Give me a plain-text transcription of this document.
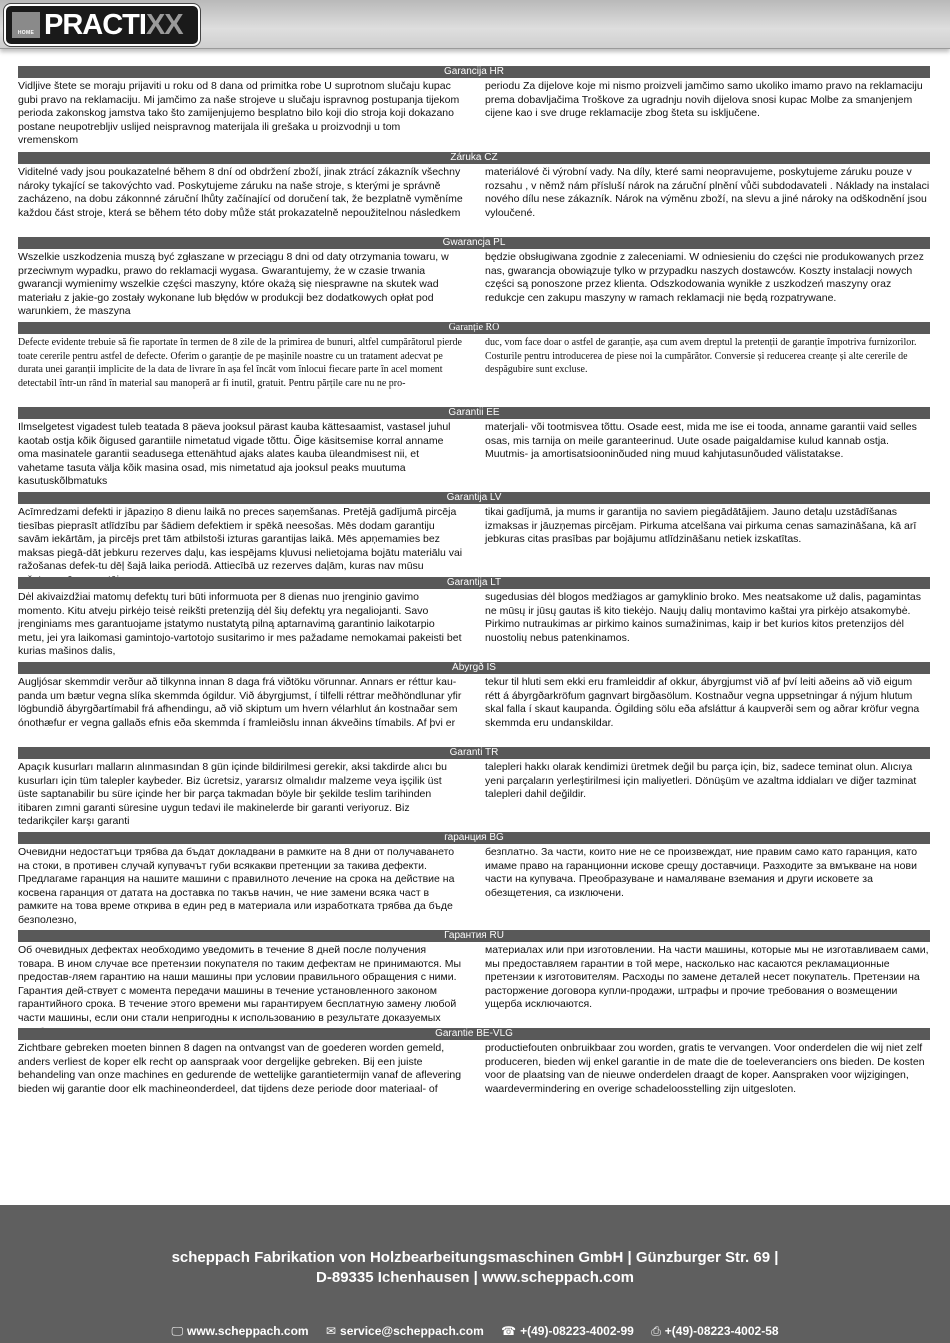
HOME PRACTIXX
Garancija HR
Vidljive štete se moraju prijaviti u roku od 8 dana od primitka robe U suprotnom slučaju kupac gubi pravo na reklamaciju. Mi jamčimo za naše strojeve u slučaju ispravnog postupanja tijekom perioda zakonskog jamstva tako što zamijenjujemo besplatno bilo koji dio stroja koji dokazano postane neupotrebljiv uslijed neispravnog materijala ili grešaka u proizvodnji u tom vremenskom
periodu Za dijelove koje mi nismo proizveli jamčimo samo ukoliko imamo pravo na reklamaciju prema dobavljačima Troškove za ugradnju novih dijelova snosi kupac Molbe za smanjenjem cijene kao i sve druge reklamacije zbog šteta su isključene.
Záruka CZ
Viditelné vady jsou poukazatelné během 8 dní od obdržení zboží, jinak ztrácí zákazník všechny nároky tykající se takovýchto vad. Poskytujeme záruku na naše stroje, s kterými je správně zacházeno, na dobu zákonnné záruční lhůty začínající od doručení tak, že bezplatně vyměníme každou část stroje, která se během této doby může stát prokazatelně nepoužitelnou následkem
materiálové či výrobní vady. Na díly, které sami neopravujeme, poskytujeme záruku pouze v rozsahu , v němž nám přísluší nárok na záruční plnění vůči subdodavateli . Náklady na instalaci nového dílu nese zákazník. Nárok na výměnu zboží, na slevu a jiné nároky na odškodnění jsou vyloučené.
Gwarancja PL
Wszelkie uszkodzenia muszą być zgłaszane w przeciągu 8 dni od daty otrzymania towaru, w przeciwnym wypadku, prawo do reklamacji wygasa. Gwarantujemy, że w czasie trwania gwarancji wymienimy wszelkie części maszyny, które okażą się niesprawne na skutek wad materiału z jakie-go zostały wykonane lub błędów w produkcji bez dodatkowych opłat pod warunkiem, że maszyna
będzie obsługiwana zgodnie z zaleceniami. W odniesieniu do części nie produkowanych przez nas, gwarancja obowiązuje tylko w przypadku naszych dostawców. Koszty instalacji nowych części są ponoszone przez klienta. Odszkodowania wynikłe z uszkodzeń maszyny oraz redukcje cen zakupu maszyny w ramach reklamacji nie będą rozpatrywane.
Garanție RO
Defecte evidente trebuie să fie raportate în termen de 8 zile de la primirea de bunuri, altfel cumpărătorul pierde toate cererile pentru astfel de defecte. Oferim o garanție de pe mașinile noastre cu un tratament adecvat pe durata unei garanții implicite de la data de livrare în așa fel încât vom înlocui fiecare parte în acel moment detectabil într-un rând în material sau manoperă ar fi inutil, gratuit. Pentru părțile care nu ne pro-
duc, vom face doar o astfel de garanție, așa cum avem dreptul la pretenții de garanție împotriva furnizorilor. Costurile pentru introducerea de piese noi la cumpărător. Conversie și reducerea creanțe și alte cererile de despăgubire sunt excluse.
Garantii EE
Ilmselgetest vigadest tuleb teatada 8 päeva jooksul pärast kauba kättesaamist, vastasel juhul kaotab ostja kõik õigused garantiile nimetatud vigade tõttu. Õige käsitsemise korral anname oma masinatele garantii seadusega ettenähtud ajaks alates kauba üleandmisest nii, et vahetame tasuta välja kõik masina osad, mis nimetatud aja jooksul peaks muutuma kasutuskõlbmatuks
materjali- või tootmisvea tõttu. Osade eest, mida me ise ei tooda, anname garantii vaid selles osas, mis tarnija on meile garanteerinud. Uute osade paigaldamise kulud kannab ostja. Muutmis- ja amortisatsiooninõuded ning muud kahjutasunõuded välistatakse.
Garantija LV
Acīmredzami defekti ir jāpaziņo 8 dienu laikā no preces saņemšanas. Pretējā gadījumā pircēja tiesības pieprasīt atlīdzību par šādiem defektiem ir spēkā neesošas. Mēs dodam garantiju savām iekārtām, ja pircējs pret tām atbilstoši izturas garantijas laikā. Mēs apņemamies bez maksas piegā-dāt jebkuru rezerves daļu, kas iespējams kļuvusi nelietojama bojātu materiālu vai ražošanas defek-tu dēļ šajā laika periodā. Attiecībā uz rezerves daļām, kuras nav mūsu
tikai gadījumā, ja mums ir garantija no saviem piegādātājiem. Jauno detaļu uzstādīšanas izmaksas ir jāuzņemas pircējam. Pirkuma atcelšana vai pirkuma cenas samazināšana, kā arī jebkuras citas prasības par bojājumu atlīdzināšanu netiek izskatītas.
Garantija LT
Dėl akivaizdžiai matomų defektų turi būti informuota per 8 dienas nuo įrenginio gavimo momento. Kitu atveju pirkėjo teisė reikšti pretenziją dėl šių defektų yra negaliojanti. Savo įrenginiams mes garantuojame įstatymo nustatytą pilną aptarnavimą garantinio laikotarpio metu, jei yra laikomasi gamintojo-vartotojo susitarimo ir mes pažadame nemokamai pakeisti bet kurias mašinos dalis,
sugedusias dėl blogos medžiagos ar gamyklinio broko. Mes neatsakome už dalis, pagamintas ne mūsų ir jūsų gautas iš kito tiekėjo. Naujų dalių montavimo kaštai yra pirkėjo atsakomybė. Pirkimo nutraukimas ar pirkimo kainos sumažinimas, kaip ir bet kurios kitos pretenzijos dėl nuostolių nebus patenkinamos.
Ábyrgð IS
Augljósar skemmdir verður að tilkynna innan 8 daga frá viðtöku vörunnar. Annars er réttur kau-panda um bætur vegna slíka skemmda ógildur. Við ábyrgjumst, í tilfelli réttrar meðhöndlunar yfir lögbundið ábyrgðartímabil frá afhendingu, að við skiptum um hvern vélarhlut án kostnaðar sem ónothæfur er vegna gallaðs efnis eða skemmda í framleiðslu innan ákveðins tímabils. Af þvi er
tekur til hluti sem ekki eru framleiddir af okkur, ábyrgjumst við af því leiti aðeins að við eigum rétt á ábyrgðarkröfum gagnvart birgðasölum. Kostnaður vegna uppsetningar á nýjum hlutum skal falla í skaut kaupanda. Ógilding sölu eða afsláttur á kaupverði sem og aðrar kröfur vegna skemmda eru undanskildar.
Garanti TR
Apaçık kusurları malların alınmasından 8 gün içinde bildirilmesi gerekir, aksi takdirde alıcı bu kusurları için tüm talepler kaybeder. Biz ücretsiz, yararsız olmalıdır malzeme veya işçilik üst üste saptanabilir bu süre içinde her bir parça takmadan böyle bir şekilde teslim tarihinden itibaren zımni garanti süresine uygun tedavi ile makinelerde bir garanti veriyoruz. Biz tedarikçiler karşı garanti
talepleri hakkı olarak kendimizi üretmek değil bu parça için, biz, sadece teminat olun. Alıcıya yeni parçaların yerleştirilmesi için maliyetleri. Dönüşüm ve azaltma iddiaları ve diğer tazminat talepleri dahil değildir.
гаранция BG
Очевидни недостатъци трябва да бъдат докладвани в рамките на 8 дни от получаването на стоки, в противен случай купувачът губи всякакви претенции за такива дефекти. Предлагаме гаранция на нашите машини с правилното лечение на срока на действие на косвена гаранция от датата на доставка по такъв начин, че ние замени всяка част в рамките на това време открива в един ред в материала или изработката трябва да бъде безполезно,
безплатно. За части, които ние не се произвеждат, ние правим само като гаранция, като имаме право на гаранционни искове срещу доставчици. Разходите за вмъкване на нови части на купувача. Преобразуване и намаляване вземания и други исковете за обезщетения, са изключени.
Гарантия RU
Об очевидных дефектах необходимо уведомить в течение 8 дней после получения товара. В ином случае все претензии покупателя по таким дефектам не принимаются. Мы предостав-ляем гарантию на наши машины при условии правильного обращения с ними. Гарантия дей-ствует с момента передачи машины в течение установленного законом гарантийного срока. В течение этого времени мы гарантируем бесплатную замену любой части машины, если они стали непригодны к использованию в результате доказуемых
материалах или при изготовлении. На части машины, которые мы не изготавливаем сами, мы предоставляем гарантии в той мере, насколько нас касаются рекламационные претензии к изготовителям. Расходы по замене деталей несет покупатель. Претензии на расторжение договора купли-продажи, штрафы и прочие требования о возмещении ущерба исключаются.
Garantie BE-VLG
Zichtbare gebreken moeten binnen 8 dagen na ontvangst van de goederen worden gemeld, anders verliest de koper elk recht op aanspraak voor dergelijke gebreken. Bij een juiste behandeling van onze machines en gedurende de wettelijke garantietermijn vanaf de aflevering bieden wij garantie door elk machineonderdeel, dat tijdens deze periode door materiaal- of
productiefouten onbruikbaar zou worden, gratis te vervangen. Voor onderdelen die wij niet zelf produceren, bieden wij enkel garantie in de mate die de toeleveranciers ons bieden. De kosten voor de plaatsing van de nieuwe onderdelen draagt de koper. Aanspraken voor wijzigingen, waardevermindering en overige schadeloosstelling zijn uitgesloten.
scheppach Fabrikation von Holzbearbeitungsmaschinen GmbH | Günzburger Str. 69 |
D-89335 Ichenhausen | www.scheppach.com
🖵 www.scheppach.com ✉ service@scheppach.com ☎ +(49)-08223-4002-99 ⎙ +(49)-08223-4002-58
